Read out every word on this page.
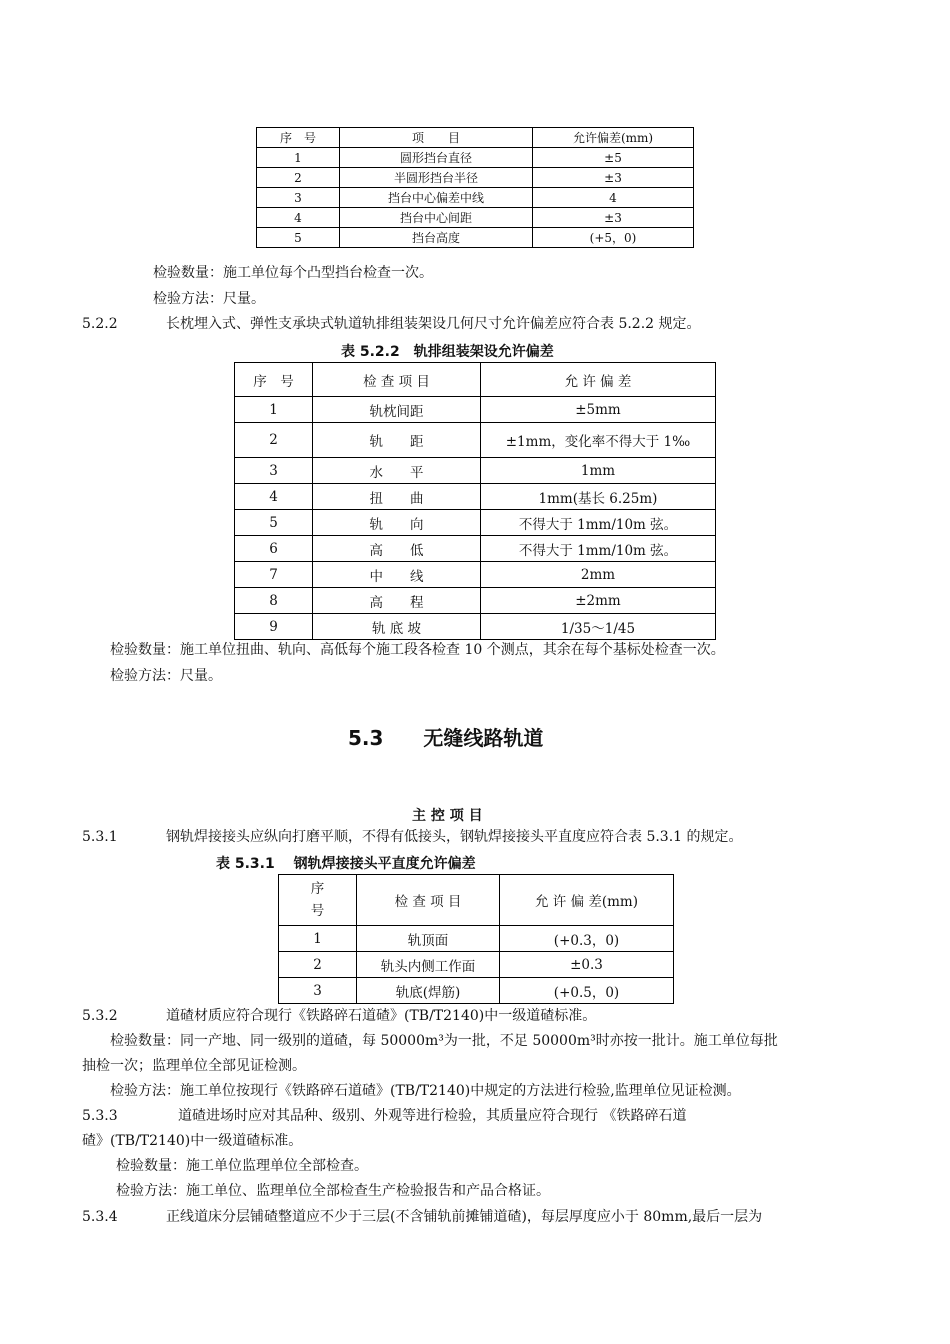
序　号	项　　目	允许偏差(mm)
1	圆形挡台直径	±5
2	半圆形挡台半径	±3
3	挡台中心偏差中线	4
4	挡台中心间距	±3
5	挡台高度	(+5，0)
检验数量：施工单位每个凸型挡台检查一次。
检验方法：尺量。
5.2.2	长枕埋入式、弹性支承块式轨道轨排组装架设几何尺寸允许偏差应符合表 5.2.2 规定。
表 5.2.2　轨排组装架设允许偏差
序　号	检 查 项 目	允 许 偏 差
1	轨枕间距	±5mm
2	轨　　距	±1mm，变化率不得大于 1‰
3	水　　平	1mm
4	扭　　曲	1mm(基长 6.25m)
5	轨　　向	不得大于 1mm/10m 弦。
6	高　　低	不得大于 1mm/10m 弦。
7	中　　线	2mm
8	高　　程	±2mm
9	轨 底 坡	1/35～1/45
检验数量：施工单位扭曲、轨向、高低每个施工段各检查 10 个测点，其余在每个基标处检查一次。
检验方法：尺量。
5.3　　无缝线路轨道
主 控 项 目
5.3.1	钢轨焊接接头应纵向打磨平顺，不得有低接头，钢轨焊接接头平直度应符合表 5.3.1 的规定。
表 5.3.1　 钢轨焊接接头平直度允许偏差
序
号	检 查 项 目	允 许 偏 差(mm)
1	轨顶面	(+0.3，0)
2	轨头内侧工作面	±0.3
3	轨底(焊筋)	(+0.5，0)
5.3.2	道碴材质应符合现行《铁路碎石道碴》(TB/T2140)中一级道碴标准。
检验数量：同一产地、同一级别的道碴，每 50000m³为一批，不足 50000m³时亦按一批计。施工单位每批
抽检一次；监理单位全部见证检测。
检验方法：施工单位按现行《铁路碎石道碴》(TB/T2140)中规定的方法进行检验,监理单位见证检测。
5.3.3	道碴进场时应对其品种、级别、外观等进行检验，其质量应符合现行 《铁路碎石道
碴》(TB/T2140)中一级道碴标准。
检验数量：施工单位监理单位全部检查。
检验方法：施工单位、监理单位全部检查生产检验报告和产品合格证。
5.3.4	正线道床分层铺碴整道应不少于三层(不含铺轨前摊铺道碴)，每层厚度应小于 80mm,最后一层为
